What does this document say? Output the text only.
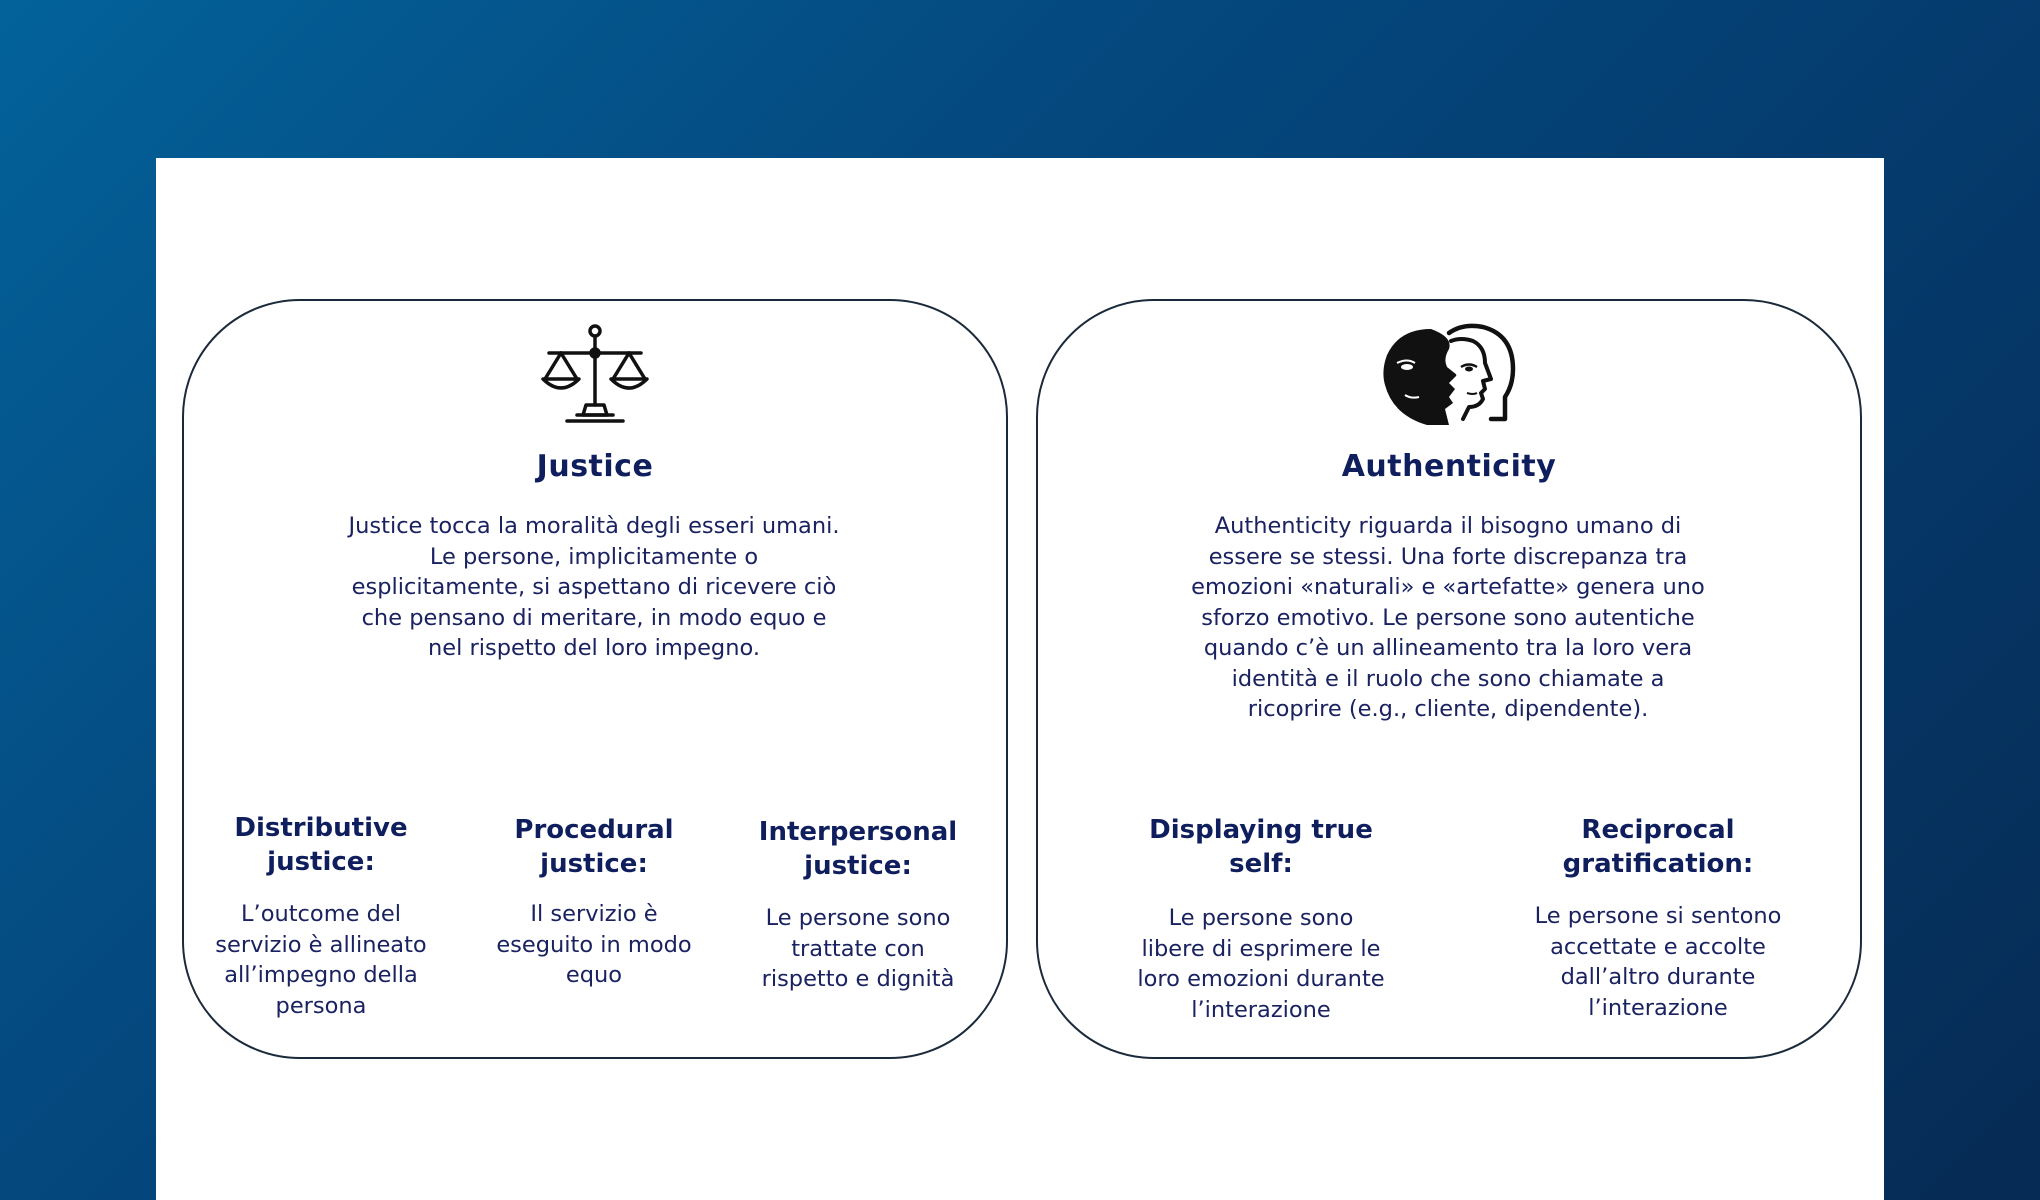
Justice
Justice tocca la moralità degli esseri umani.
Le persone, implicitamente o
esplicitamente, si aspettano di ricevere ciò
che pensano di meritare, in modo equo e
nel rispetto del loro impegno.
Distributive
justice:
L’outcome del
servizio è allineato
all’impegno della
persona
Procedural
justice:
Il servizio è
eseguito in modo
equo
Interpersonal
justice:
Le persone sono
trattate con
rispetto e dignità
Authenticity
Authenticity riguarda il bisogno umano di
essere se stessi. Una forte discrepanza tra
emozioni «naturali» e «artefatte» genera uno
sforzo emotivo. Le persone sono autentiche
quando c’è un allineamento tra la loro vera
identità e il ruolo che sono chiamate a
ricoprire (e.g., cliente, dipendente).
Displaying true
self:
Le persone sono
libere di esprimere le
loro emozioni durante
l’interazione
Reciprocal
gratification:
Le persone si sentono
accettate e accolte
dall’altro durante
l’interazione
